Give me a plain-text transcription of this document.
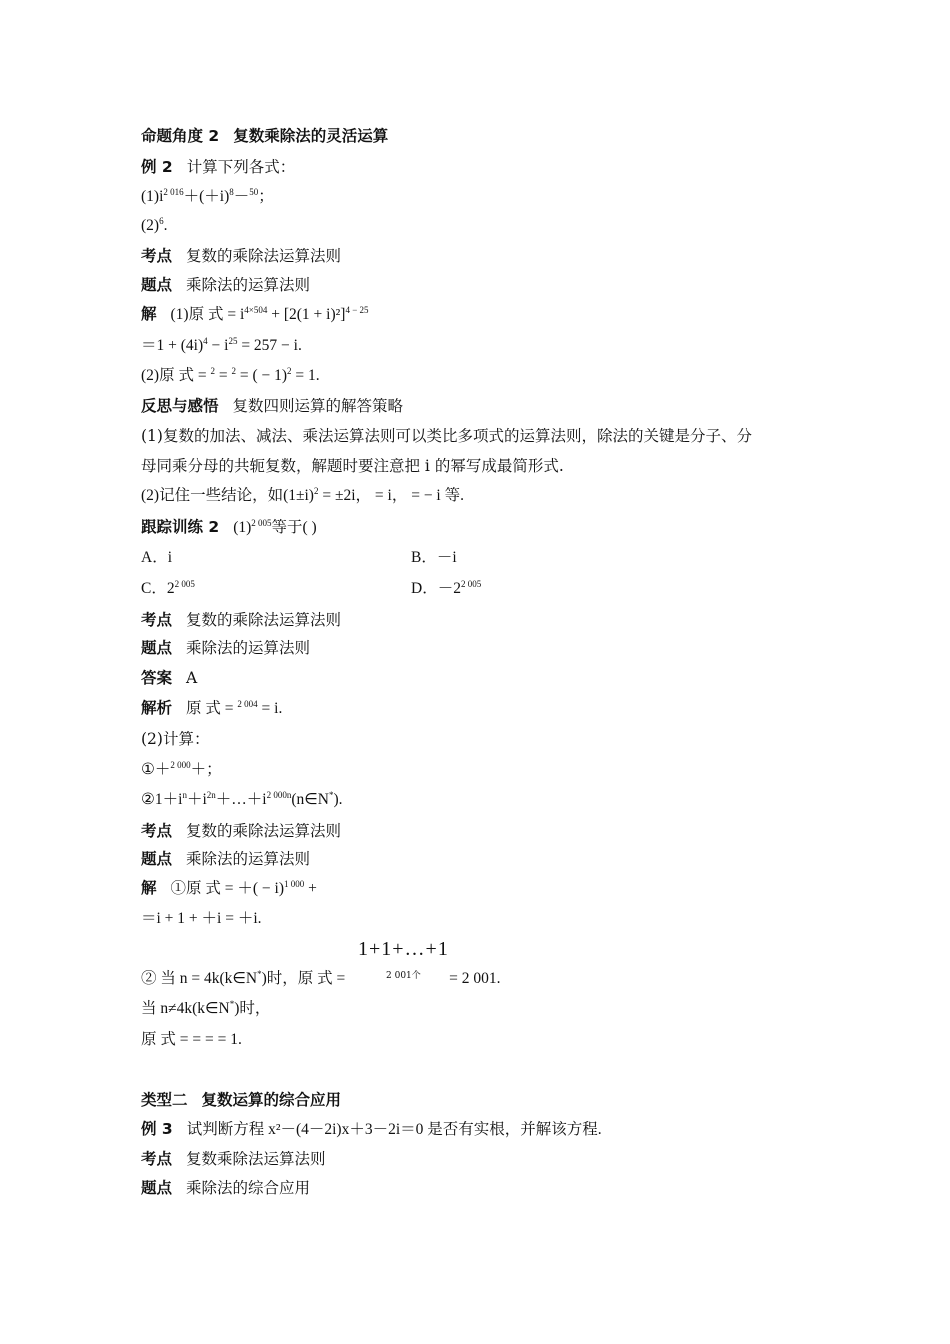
命题角度 2 复数乘除法的灵活运算
例 2 计算下列各式：
$(1)i^{2 016}+(+i)^8-^{50}$；
$(2)^6$.
考点 复数的乘除法运算法则
题点 乘除法的运算法则
解 (1)原 式 = $i^{4\times 504} + [2(1 + i)^2]^{4 - 25}$
$=1 + (4i)^4 - i^{25} = 257 - i$.
(2)原 式 = $^2$ = $^2$ = ( − 1)$^2$ = 1.
反思与感悟 复数四则运算的解答策略
(1)复数的加法、减法、乘法运算法则可以类比多项式的运算法则，除法的关键是分子、分
母同乘分母的共轭复数，解题时要注意把 i 的幂写成最简形式.
(2)记住一些结论，如$(1\pm i)^2 = \pm 2i$， = i， = − i 等.
跟踪训练 2 $(1)^{2 005}$等于( )
A．i	B．－i
C．$2^{2 005}$	D．$-2^{2 005}$
考点 复数的乘除法运算法则
题点 乘除法的运算法则
答案 A
解析 原 式 = $^{2 004}$ = i.
(2)计算：
①＋$^{2 000}$＋；
$②1+i^n+i^{2n}+\dots+i^{2 000n}(n\in N^*)$.
考点 复数的乘除法运算法则
题点 乘除法的运算法则
解 ①原 式 = ＋( − i)$^{1 000}$ +
＝i + 1 + ＋i = ＋i.
1+1+…+1
2 001个
② 当 n = 4k(k∈N*)时，原 式 =	= 2 001.
当 n≠4k(k∈N*)时，
原 式 = = = = 1.
类型二 复数运算的综合应用
例 3 试判断方程 x²－(4－2i)x＋3－2i＝0 是否有实根，并解该方程.
考点 复数乘除法运算法则
题点 乘除法的综合应用
